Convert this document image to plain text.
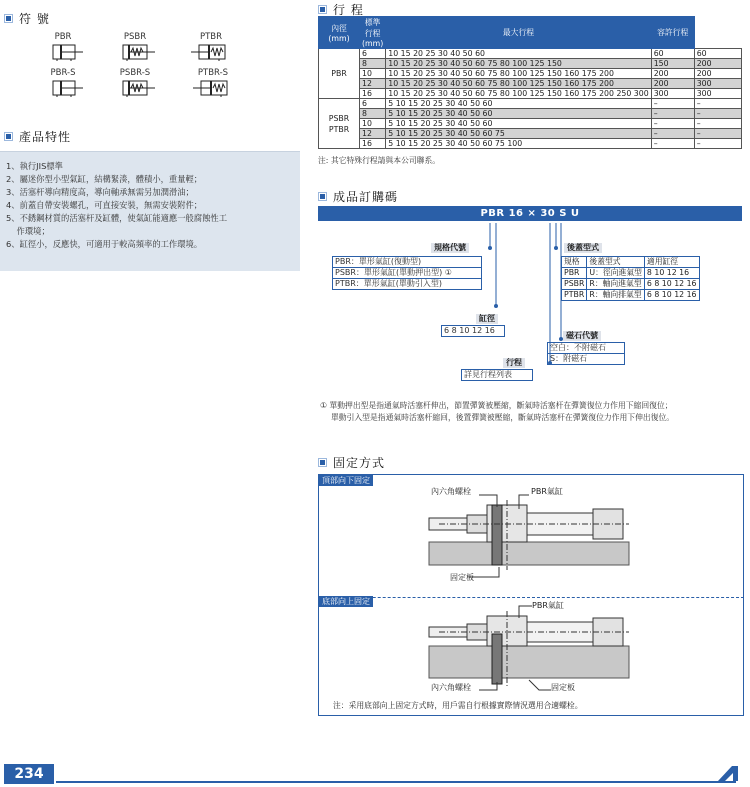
符 號
PBR	PSBR	PTBR
PBR-S	PSBR-S	PTBR-S
產品特性
1、執行JIS標準
2、屬迷你型小型氣缸，結構緊湊，體積小，重量輕；
3、活塞杆導向精度高，導向軸承無需另加潤滑油；
4、前蓋自帶安裝螺孔，可直接安裝，無需安裝附件；
5、不銹鋼材質的活塞杆及缸體，使氣缸能適應一般腐蝕性工
作環境；
6、缸徑小，反應快，可適用于較高頻率的工作環境。
行 程
內徑(mm)	標準行程(mm)	最大行程	容許行程	
PBR	6	10 15 20 25 30 40 50 60	60	60
	8	10 15 20 25 30 40 50 60 75 80 100 125 150	150	200
	10	10 15 20 25 30 40 50 60 75 80 100 125 150 160 175 200	200	200
	12	10 15 20 25 30 40 50 60 75 80 100 125 150 160 175 200	200	300
	16	10 15 20 25 30 40 50 60 75 80 100 125 150 160 175 200 250 300	300	300
PSBR
PTBR	6	5 10 15 20 25 30 40 50 60	–	–
	8	5 10 15 20 25 30 40 50 60	–	–
	10	5 10 15 20 25 30 40 50 60	–	–
	12	5 10 15 20 25 30 40 50 60 75	–	–
	16	5 10 15 20 25 30 40 50 60 75 100	–	–
注: 其它特殊行程請與本公司聯系。
成品訂購碼
PBR 16 × 30 S U
規格代號
PBR：單形氣缸(復動型)
PSBR：單形氣缸(單動押出型) ①
PTBR：單形氣缸(單動引入型)
缸徑
6 8 10 12 16
行程
詳見行程列表
後蓋型式
規格	後蓋型式	適用缸徑
PBR	U：徑向進氣型	8 10 12 16
PSBR	R：軸向進氣型	6 8 10 12 16
PTBR	R：軸向排氣型	6 8 10 12 16
磁石代號
空白：不附磁石
S：附磁石
① 單動押出型是指通氣時活塞杆伸出，節置彈簧被壓縮，斷氣時活塞杆在彈簧復位力作用下縮回復位；
單動引入型是指通氣時活塞杆縮回，後置彈簧被壓縮，斷氣時活塞杆在彈簧復位力作用下伸出復位。
固定方式
頂部向下固定
內六角螺栓	PBR氣缸
固定板
底部向上固定	PBR氣缸
內六角螺栓	固定板
注：采用底部向上固定方式時，用戶需自行根據實際情況選用合適螺栓。
234
